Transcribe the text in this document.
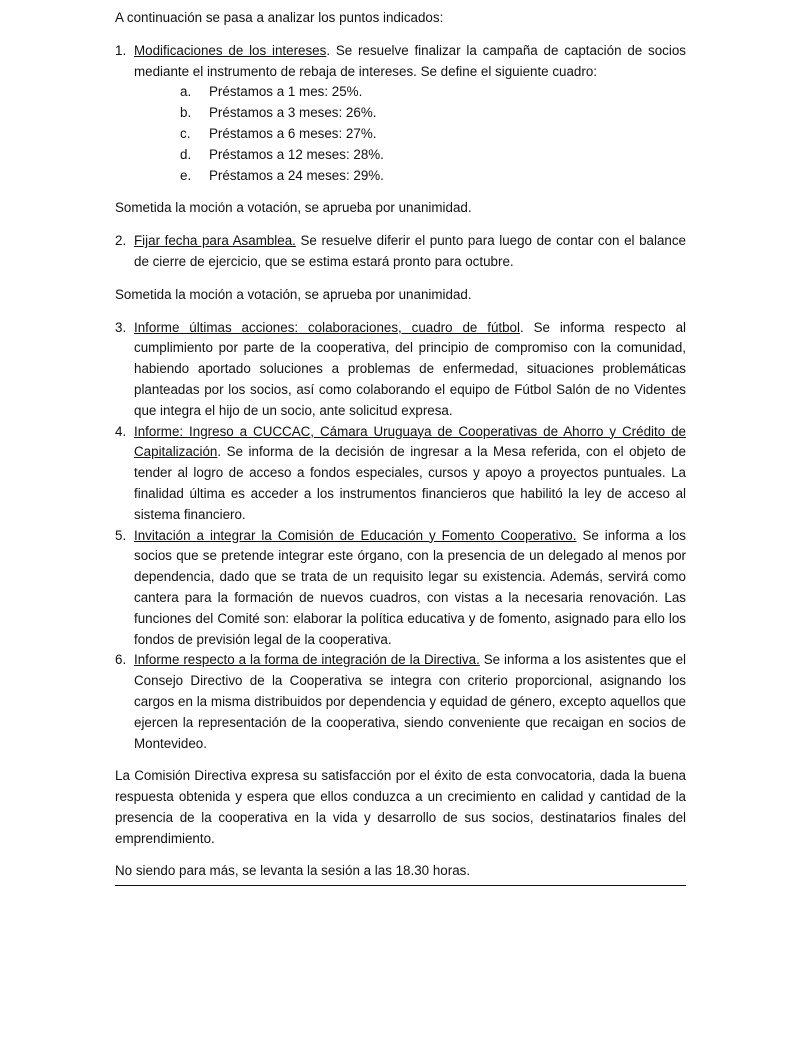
A continuación se pasa a analizar los puntos indicados:

1. Modificaciones de los intereses. Se resuelve finalizar la campaña de captación de socios mediante el instrumento de rebaja de intereses. Se define el siguiente cuadro:
a. Préstamos a 1 mes: 25%.
b. Préstamos a 3 meses: 26%.
c. Préstamos a 6 meses: 27%.
d. Préstamos a 12 meses: 28%.
e. Préstamos a 24 meses: 29%.

Sometida la moción a votación, se aprueba por unanimidad.

2. Fijar fecha para Asamblea. Se resuelve diferir el punto para luego de contar con el balance de cierre de ejercicio, que se estima estará pronto para octubre.

Sometida la moción a votación, se aprueba por unanimidad.

3. Informe últimas acciones: colaboraciones, cuadro de fútbol. Se informa respecto al cumplimiento por parte de la cooperativa, del principio de compromiso con la comunidad, habiendo aportado soluciones a problemas de enfermedad, situaciones problemáticas planteadas por los socios, así como colaborando el equipo de Fútbol Salón de no Videntes que integra el hijo de un socio, ante solicitud expresa.
4. Informe: Ingreso a CUCCAC, Cámara Uruguaya de Cooperativas de Ahorro y Crédito de Capitalización. Se informa de la decisión de ingresar a la Mesa referida, con el objeto de tender al logro de acceso a fondos especiales, cursos y apoyo a proyectos puntuales. La finalidad última es acceder a los instrumentos financieros que habilitó la ley de acceso al sistema financiero.
5. Invitación a integrar la Comisión de Educación y Fomento Cooperativo. Se informa a los socios que se pretende integrar este órgano, con la presencia de un delegado al menos por dependencia, dado que se trata de un requisito legar su existencia. Además, servirá como cantera para la formación de nuevos cuadros, con vistas a la necesaria renovación. Las funciones del Comité son: elaborar la política educativa y de fomento, asignado para ello los fondos de previsión legal de la cooperativa.
6. Informe respecto a la forma de integración de la Directiva. Se informa a los asistentes que el Consejo Directivo de la Cooperativa se integra con criterio proporcional, asignando los cargos en la misma distribuidos por dependencia y equidad de género, excepto aquellos que ejercen la representación de la cooperativa, siendo conveniente que recaigan en socios de Montevideo.

La Comisión Directiva expresa su satisfacción por el éxito de esta convocatoria, dada la buena respuesta obtenida y espera que ellos conduzca a un crecimiento en calidad y cantidad de la presencia de la cooperativa en la vida y desarrollo de sus socios, destinatarios finales del emprendimiento.

No siendo para más, se levanta la sesión a las 18.30 horas.
